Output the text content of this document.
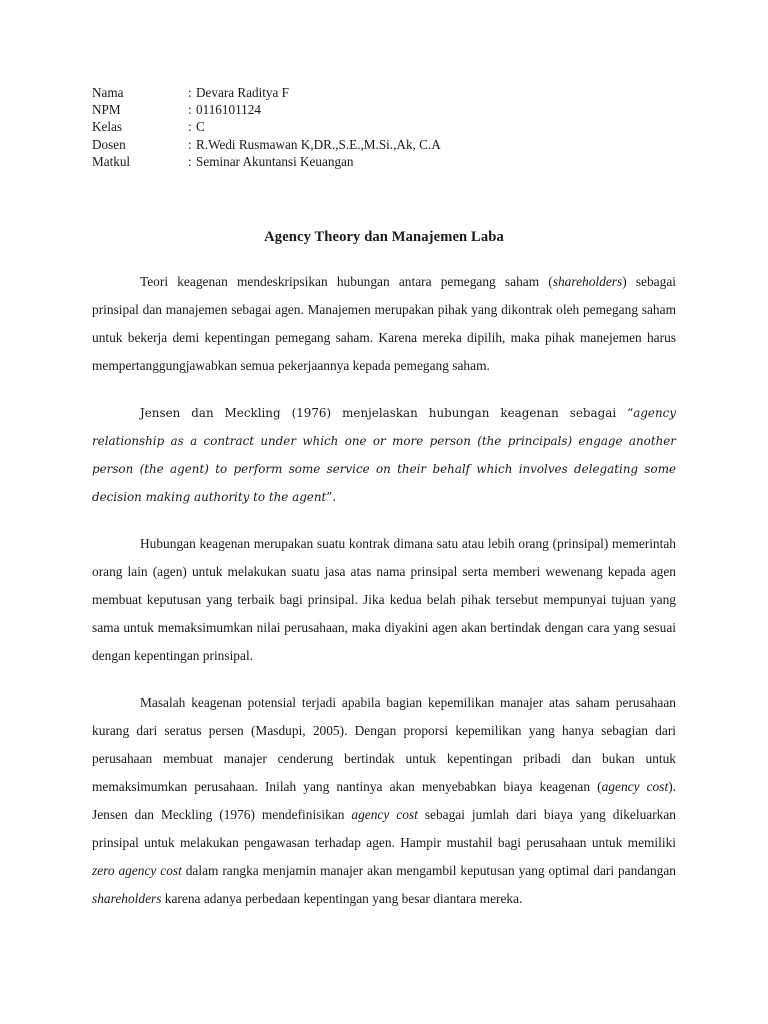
Nama	: Devara Raditya F
NPM	: 0116101124
Kelas	: C
Dosen	: R.Wedi Rusmawan K,DR.,S.E.,M.Si.,Ak, C.A
Matkul	: Seminar Akuntansi Keuangan
Agency Theory dan Manajemen Laba

Teori keagenan mendeskripsikan hubungan antara pemegang saham (shareholders) sebagai prinsipal dan manajemen sebagai agen. Manajemen merupakan pihak yang dikontrak oleh pemegang saham untuk bekerja demi kepentingan pemegang saham. Karena mereka dipilih, maka pihak manejemen harus mempertanggungjawabkan semua pekerjaannya kepada pemegang saham.

Jensen dan Meckling (1976) menjelaskan hubungan keagenan sebagai “agency relationship as a contract under which one or more person (the principals) engage another person (the agent) to perform some service on their behalf which involves delegating some decision making authority to the agent”.

Hubungan keagenan merupakan suatu kontrak dimana satu atau lebih orang (prinsipal) memerintah orang lain (agen) untuk melakukan suatu jasa atas nama prinsipal serta memberi wewenang kepada agen membuat keputusan yang terbaik bagi prinsipal. Jika kedua belah pihak tersebut mempunyai tujuan yang sama untuk memaksimumkan nilai perusahaan, maka diyakini agen akan bertindak dengan cara yang sesuai dengan kepentingan prinsipal.

Masalah keagenan potensial terjadi apabila bagian kepemilikan manajer atas saham perusahaan kurang dari seratus persen (Masdupi, 2005). Dengan proporsi kepemilikan yang hanya sebagian dari perusahaan membuat manajer cenderung bertindak untuk kepentingan pribadi dan bukan untuk memaksimumkan perusahaan. Inilah yang nantinya akan menyebabkan biaya keagenan (agency cost). Jensen dan Meckling (1976) mendefinisikan agency cost sebagai jumlah dari biaya yang dikeluarkan prinsipal untuk melakukan pengawasan terhadap agen. Hampir mustahil bagi perusahaan untuk memiliki zero agency cost dalam rangka menjamin manajer akan mengambil keputusan yang optimal dari pandangan shareholders karena adanya perbedaan kepentingan yang besar diantara mereka.
